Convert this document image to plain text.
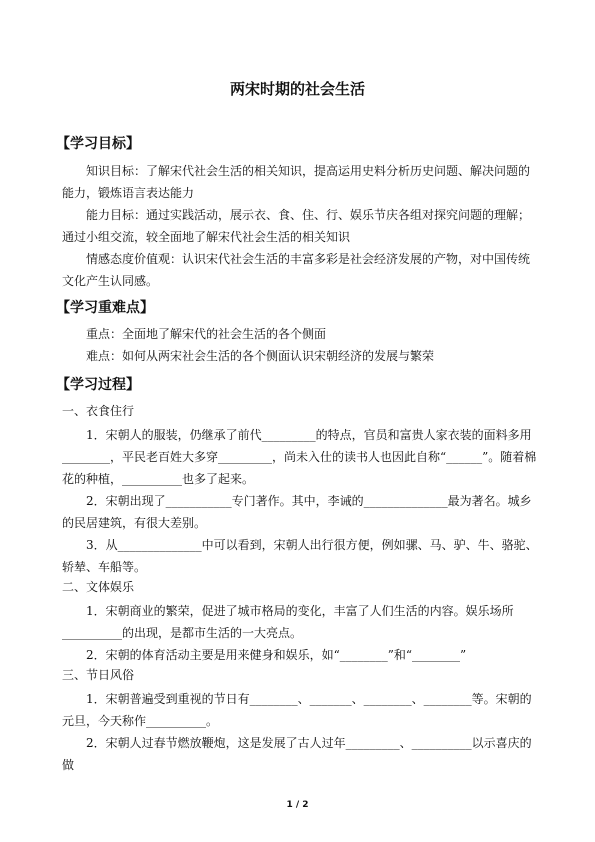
两宋时期的社会生活
【学习目标】
知识目标：了解宋代社会生活的相关知识，提高运用史料分析历史问题、解决问题的能力，锻炼语言表达能力
能力目标：通过实践活动，展示衣、食、住、行、娱乐节庆各组对探究问题的理解；通过小组交流，较全面地了解宋代社会生活的相关知识
情感态度价值观：认识宋代社会生活的丰富多彩是社会经济发展的产物，对中国传统文化产生认同感。
【学习重难点】
重点：全面地了解宋代的社会生活的各个侧面
难点：如何从两宋社会生活的各个侧面认识宋朝经济的发展与繁荣
【学习过程】
一、衣食住行
1．宋朝人的服装，仍继承了前代_________的特点，官员和富贵人家衣装的面料多用________，平民老百姓大多穿_________，尚未入仕的读书人也因此自称“______”。随着棉花的种植，__________也多了起来。
2．宋朝出现了___________专门著作。其中，李诫的______________最为著名。城乡的民居建筑，有很大差别。
3．从______________中可以看到，宋朝人出行很方便，例如骡、马、驴、牛、骆驼、轿辇、车船等。
二、文体娱乐
1．宋朝商业的繁荣，促进了城市格局的变化，丰富了人们生活的内容。娱乐场所__________的出现，是都市生活的一大亮点。
2．宋朝的体育活动主要是用来健身和娱乐，如“________”和“________”
三、节日风俗
1．宋朝普遍受到重视的节日有________、_______、________、________等。宋朝的元旦，今天称作__________。
2．宋朝人过春节燃放鞭炮，这是发展了古人过年_________、__________以示喜庆的做
1 / 2
